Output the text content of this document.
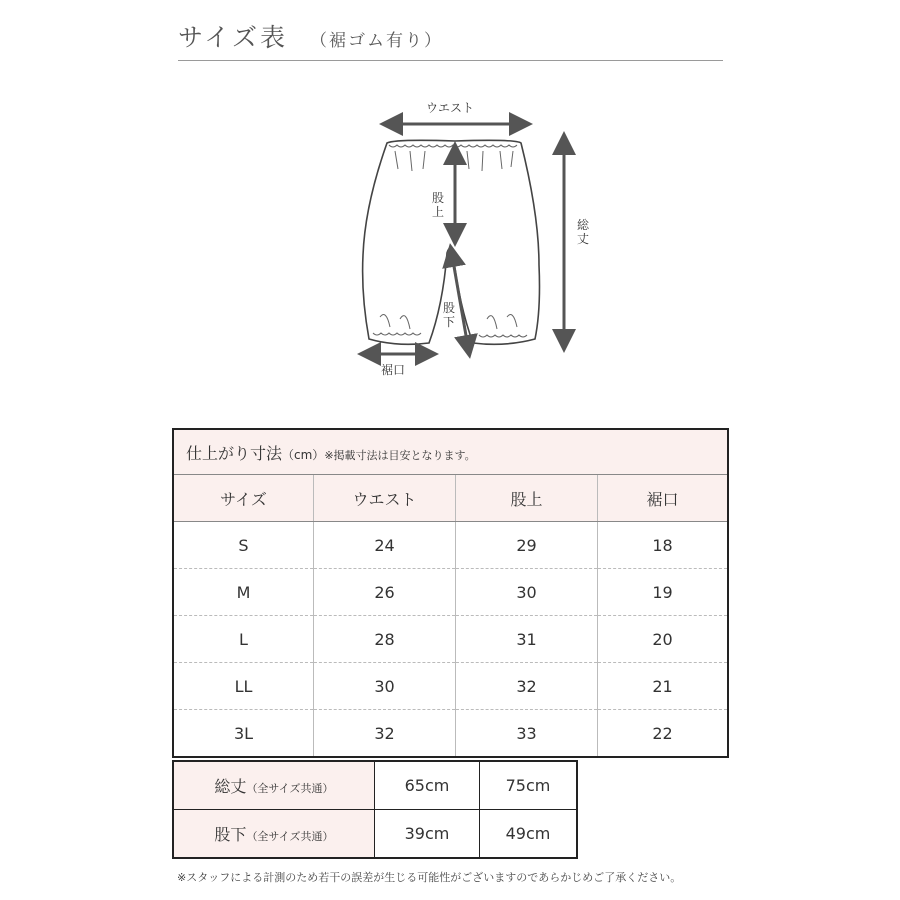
サイズ表 （裾ゴム有り）
ウエスト
股
上
総
丈
股
下
裾口
仕上がり寸法（cm）※掲載寸法は目安となります。			
サイズ	ウエスト	股上	裾口
S	24	29	18
M	26	30	19
L	28	31	20
LL	30	32	21
3L	32	33	22
総丈（全サイズ共通）	65cm	75cm
股下（全サイズ共通）	39cm	49cm
※スタッフによる計測のため若干の誤差が生じる可能性がございますのであらかじめご了承ください。
